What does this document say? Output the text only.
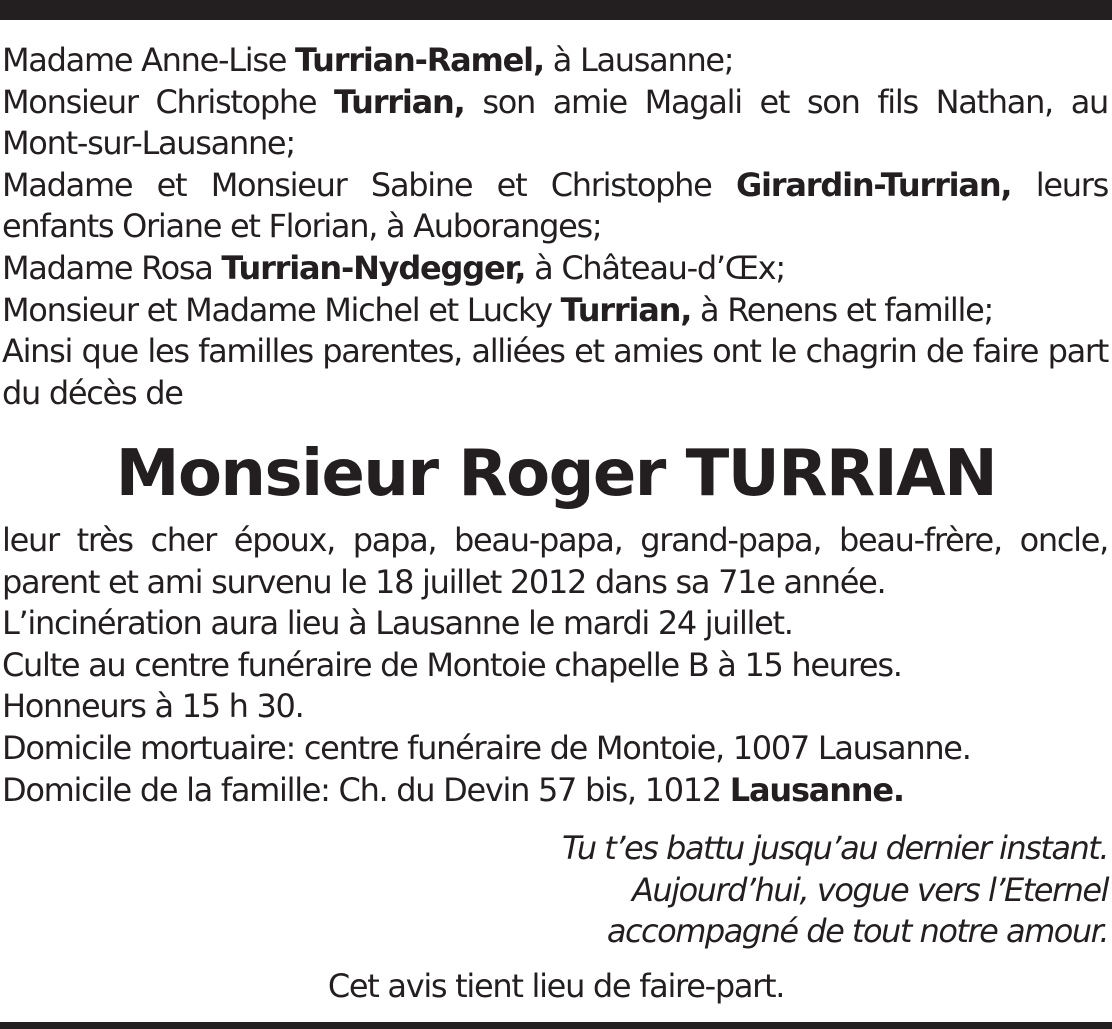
Madame Anne-Lise Turrian-Ramel, à Lausanne;

Monsieur Christophe Turrian, son amie Magali et son fils Nathan, au Mont-sur-Lausanne;

Madame et Monsieur Sabine et Christophe Girardin-Turrian, leurs enfants Oriane et Florian, à Auboranges;

Madame Rosa Turrian-Nydegger, à Château-d’Œx;

Monsieur et Madame Michel et Lucky Turrian, à Renens et famille;

Ainsi que les familles parentes, alliées et amies ont le chagrin de faire part du décès de

Monsieur Roger TURRIAN

leur très cher époux, papa, beau-papa, grand-papa, beau-frère, oncle, parent et ami survenu le 18 juillet 2012 dans sa 71e année.

L’incinération aura lieu à Lausanne le mardi 24 juillet.

Culte au centre funéraire de Montoie chapelle B à 15 heures.

Honneurs à 15 h 30.

Domicile mortuaire: centre funéraire de Montoie, 1007 Lausanne.

Domicile de la famille: Ch. du Devin 57 bis, 1012 Lausanne.

Tu t’es battu jusqu’au dernier instant.

Aujourd’hui, vogue vers l’Eternel

accompagné de tout notre amour.

Cet avis tient lieu de faire-part.
